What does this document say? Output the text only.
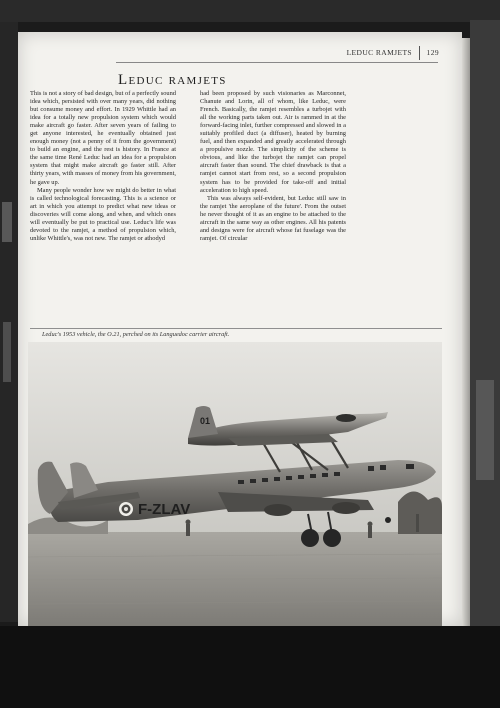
LEDUC RAMJETS 129
Leduc ramjets

This is not a story of bad design, but of a perfectly sound idea which, persisted with over many years, did nothing but consume money and effort. In 1929 Whittle had an idea for a totally new propulsion system which would make aircraft go faster. After seven years of failing to get anyone interested, he eventually obtained just enough money (not a penny of it from the government) to build an engine, and the rest is history. In France at the same time René Leduc had an idea for a propulsion system that might make aircraft go faster still. After thirty years, with masses of money from his government, he gave up.

Many people wonder how we might do better in what is called technological forecasting. This is a science or art in which you attempt to predict what new ideas or discoveries will come along, and when, and which ones will eventually be put to practical use. Leduc's life was devoted to the ramjet, a method of propulsion which, unlike Whittle's, was not new. The ramjet or athodyd

had been proposed by such visionaries as Marconnet, Chanute and Lorin, all of whom, like Leduc, were French. Basically, the ramjet resembles a turbojet with all the working parts taken out. Air is rammed in at the forward-facing inlet, further compressed and slowed in a suitably profiled duct (a diffuser), heated by burning fuel, and then expanded and greatly accelerated through a propulsive nozzle. The simplicity of the scheme is obvious, and like the turbojet the ramjet can propel aircraft faster than sound. The chief drawback is that a ramjet cannot start from rest, so a second propulsion system has to be provided for take-off and initial acceleration to high speed.

This was always self-evident, but Leduc still saw in the ramjet 'the aeroplane of the future'. From the outset he never thought of it as an engine to be attached to the aircraft in the same way as other engines. All his patents and designs were for aircraft whose fat fuselage was the ramjet. Of circular

Leduc's 1953 vehicle, the O.21, perched on its Languedoc carrier aircraft.
F-ZLAV
01
